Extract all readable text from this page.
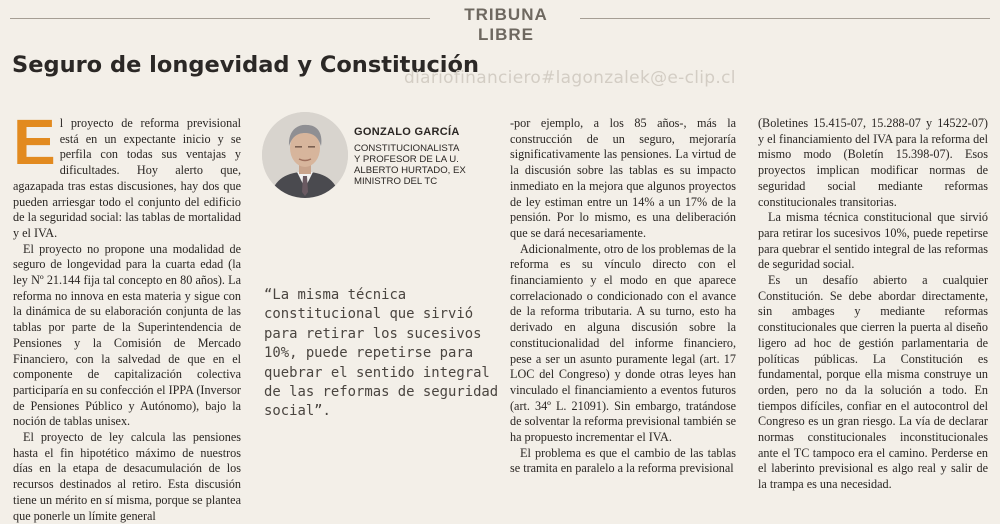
TRIBUNA LIBRE
Seguro de longevidad y Constitución
diariofinanciero#lagonzalek@e-clip.cl

El proyecto de reforma previsional está en un expectante inicio y se perfila con todas sus ventajas y dificultades. Hoy alerto que, agazapada tras estas discusiones, hay dos que pueden arriesgar todo el conjunto del edificio de la seguridad social: las tablas de mortalidad y el IVA.

El proyecto no propone una modalidad de seguro de longevidad para la cuarta edad (la ley Nº 21.144 fija tal concepto en 80 años). La reforma no innova en esta materia y sigue con la dinámica de su elaboración conjunta de las tablas por parte de la Superintendencia de Pensiones y la Comisión de Mercado Financiero, con la salvedad de que en el componente de capitalización colectiva participaría en su confección el IPPA (Inversor de Pensiones Público y Autónomo), bajo la noción de tablas unisex.

El proyecto de ley calcula las pensiones hasta el fin hipotético máximo de nuestros días en la etapa de desacumulación de los recursos destinados al retiro. Esta discusión tiene un mérito en sí misma, porque se plantea que ponerle un límite general

GONZALO GARCÍA
CONSTITUCIONALISTA
Y PROFESOR DE LA U.
ALBERTO HURTADO, EX
MINISTRO DEL TC
“La misma técnica
constitucional que sirvió
para retirar los sucesivos
10%, puede repetirse para
quebrar el sentido integral
de las reformas de seguridad
social”.

-por ejemplo, a los 85 años-, más la construcción de un seguro, mejoraría significativamente las pensiones. La virtud de la discusión sobre las tablas es su impacto inmediato en la mejora que algunos proyectos de ley estiman entre un 14% a un 17% de la pensión. Por lo mismo, es una deliberación que se dará necesariamente.

Adicionalmente, otro de los problemas de la reforma es su vínculo directo con el financiamiento y el modo en que aparece correlacionado o condicionado con el avance de la reforma tributaria. A su turno, esto ha derivado en alguna discusión sobre la constitucionalidad del informe financiero, pese a ser un asunto puramente legal (art. 17 LOC del Congreso) y donde otras leyes han vinculado el financiamiento a eventos futuros (art. 34º L. 21091). Sin embargo, tratándose de solventar la reforma previsional también se ha propuesto incrementar el IVA.

El problema es que el cambio de las tablas se tramita en paralelo a la reforma previsional

(Boletines 15.415-07, 15.288-07 y 14522-07) y el financiamiento del IVA para la reforma del mismo modo (Boletín 15.398-07). Esos proyectos implican modificar normas de seguridad social mediante reformas constitucionales transitorias.

La misma técnica constitucional que sirvió para retirar los sucesivos 10%, puede repetirse para quebrar el sentido integral de las reformas de seguridad social.

Es un desafío abierto a cualquier Constitución. Se debe abordar directamente, sin ambages y mediante reformas constitucionales que cierren la puerta al diseño ligero ad hoc de gestión parlamentaria de políticas públicas. La Constitución es fundamental, porque ella misma construye un orden, pero no da la solución a todo. En tiempos difíciles, confiar en el autocontrol del Congreso es un gran riesgo. La vía de declarar normas constitucionales inconstitucionales ante el TC tampoco era el camino. Perderse en el laberinto previsional es algo real y salir de la trampa es una necesidad.
